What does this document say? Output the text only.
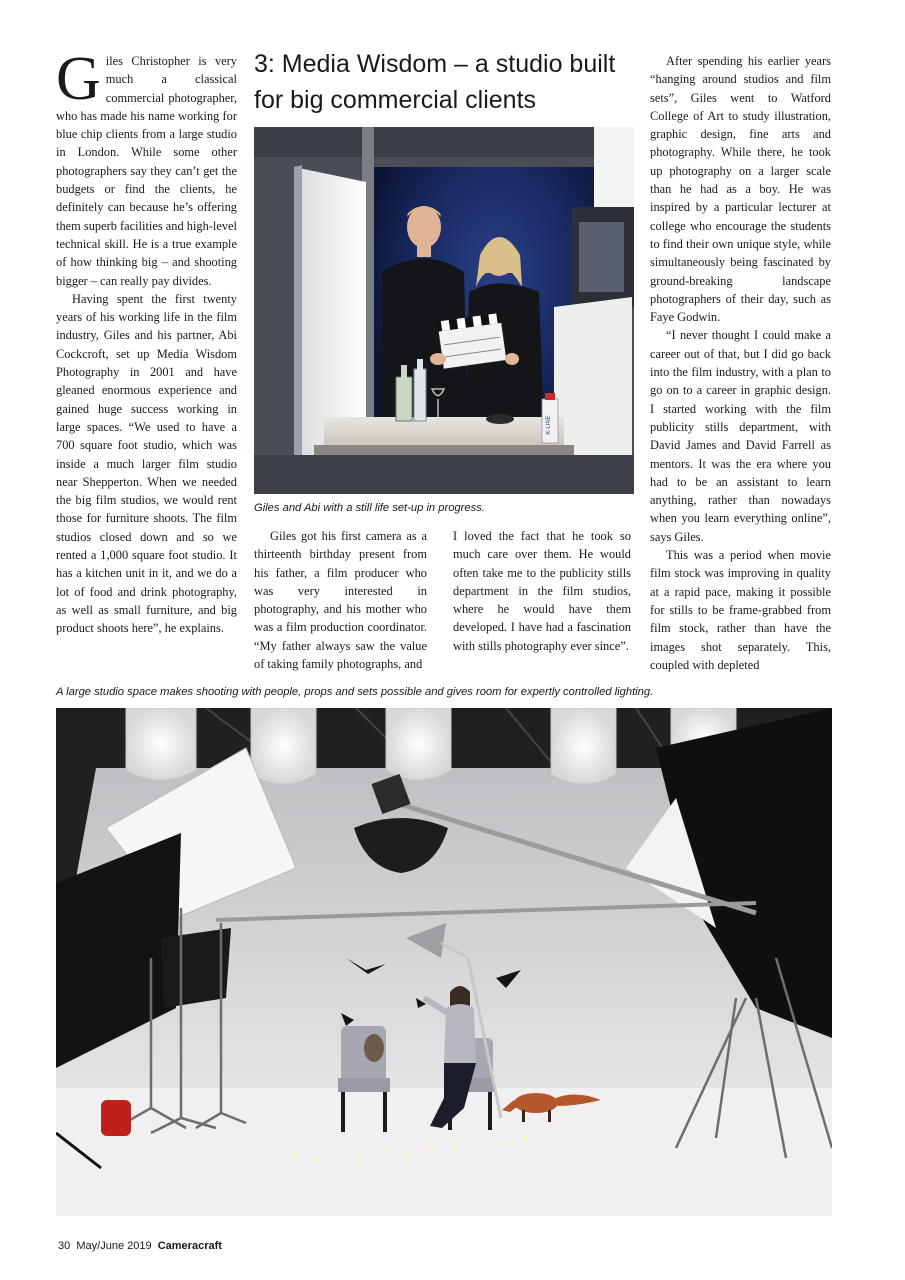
Giles Christopher is very much a classical commercial photographer, who has made his name working for blue chip clients from a large studio in London. While some other photographers say they can’t get the budgets or find the clients, he definitely can because he’s offering them superb facilities and high-level technical skill. He is a true example of how thinking big – and shooting bigger – can really pay divides.

Having spent the first twenty years of his working life in the film industry, Giles and his partner, Abi Cockcroft, set up Media Wisdom Photography in 2001 and have gleaned enormous experience and gained huge success working in large spaces. “We used to have a 700 square foot studio, which was inside a much larger film studio near Shepperton. When we needed the big film studios, we would rent those for furniture shoots. The film studios closed down and so we rented a 1,000 square foot studio. It has a kitchen unit in it, and we do a lot of food and drink photography, as well as small furniture, and big product shoots here”, he explains.

3: Media Wisdom – a studio built for big commercial clients
K-LINE

Giles and Abi with a still life set-up in progress.

Giles got his first camera as a thirteenth birthday present from his father, a film producer who was very interested in photography, and his mother who was a film production coordinator. “My father always saw the value of taking family photographs, and

I loved the fact that he took so much care over them. He would often take me to the publicity stills department in the film studios, where he would have them developed. I have had a fascination with stills photography ever since”.

After spending his earlier years “hanging around studios and film sets”, Giles went to Watford College of Art to study illustration, graphic design, fine arts and photography. While there, he took up photography on a larger scale than he had as a boy. He was inspired by a particular lecturer at college who encourage the students to find their own unique style, while simultaneously being fascinated by ground-breaking landscape photographers of their day, such as Faye Godwin.

“I never thought I could make a career out of that, but I did go back into the film industry, with a plan to go on to a career in graphic design. I started working with the film publicity stills department, with David James and David Farrell as mentors. It was the era where you had to be an assistant to learn anything, rather than nowadays when you learn everything online”, says Giles.

This was a period when movie film stock was improving in quality at a rapid pace, making it possible for stills to be frame-grabbed from film stock, rather than have the images shot separately. This, coupled with depleted

A large studio space makes shooting with people, props and sets possible and gives room for expertly controlled lighting.

30 May/June 2019 Cameracraft
